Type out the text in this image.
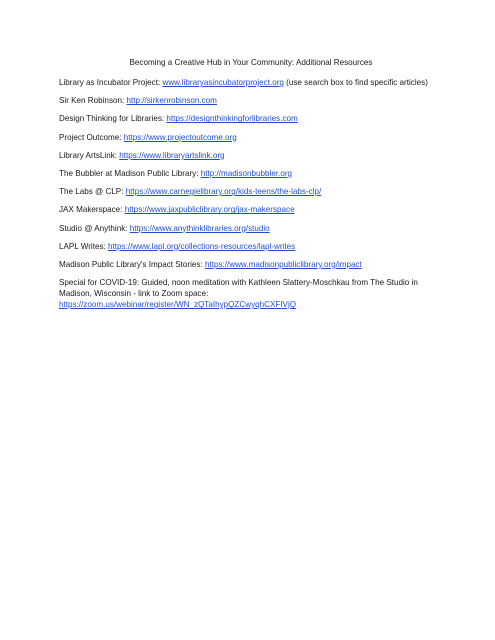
Becoming a Creative Hub in Your Community: Additional Resources
Library as Incubator Project: www.libraryasincubatorproject.org (use search box to find specific articles)
Sir Ken Robinson: http://sirkenrobinson.com
Design Thinking for Libraries: https://designthinkingforlibraries.com
Project Outcome: https://www.projectoutcome.org
Library ArtsLink: https://www.libraryartslink.org
The Bubbler at Madison Public Library: http://madisonbubbler.org
The Labs @ CLP: https://www.carnegielibrary.org/kids-teens/the-labs-clp/
JAX Makerspace: https://www.jaxpubliclibrary.org/jax-makerspace
Studio @ Anythink: https://www.anythinklibraries.org/studio
LAPL Writes: https://www.lapl.org/collections-resources/lapl-writes
Madison Public Library's Impact Stories: https://www.madisonpubliclibrary.org/impact
Special for COVID-19: Guided, noon meditation with Kathleen Slattery-Moschkau from The Studio in Madison, Wisconsin - link to Zoom space:
https://zoom.us/webinar/register/WN_zQTaIhypQZCwyqhCXFIVjQ
